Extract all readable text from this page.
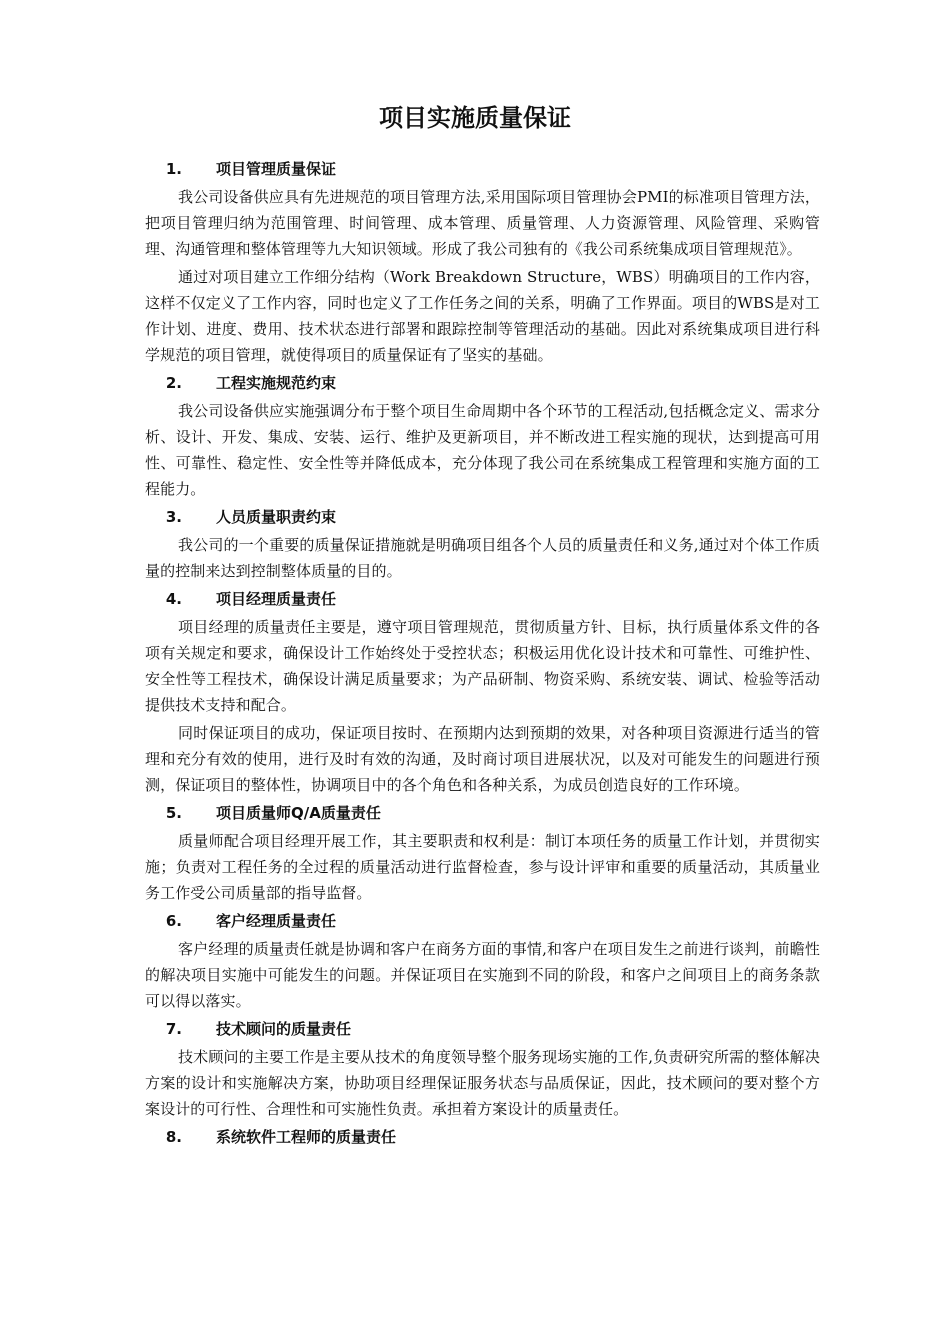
项目实施质量保证
1. 项目管理质量保证

我公司设备供应具有先进规范的项目管理方法,采用国际项目管理协会PMI的标准项目管理方法，把项目管理归纳为范围管理、时间管理、成本管理、质量管理、人力资源管理、风险管理、采购管理、沟通管理和整体管理等九大知识领域。形成了我公司独有的《我公司系统集成项目管理规范》。

通过对项目建立工作细分结构（Work Breakdown Structure，WBS）明确项目的工作内容，这样不仅定义了工作内容，同时也定义了工作任务之间的关系，明确了工作界面。项目的WBS是对工作计划、进度、费用、技术状态进行部署和跟踪控制等管理活动的基础。因此对系统集成项目进行科学规范的项目管理，就使得项目的质量保证有了坚实的基础。

2. 工程实施规范约束

我公司设备供应实施强调分布于整个项目生命周期中各个环节的工程活动,包括概念定义、需求分析、设计、开发、集成、安装、运行、维护及更新项目，并不断改进工程实施的现状，达到提高可用性、可靠性、稳定性、安全性等并降低成本，充分体现了我公司在系统集成工程管理和实施方面的工程能力。

3. 人员质量职责约束

我公司的一个重要的质量保证措施就是明确项目组各个人员的质量责任和义务,通过对个体工作质量的控制来达到控制整体质量的目的。

4. 项目经理质量责任

项目经理的质量责任主要是，遵守项目管理规范，贯彻质量方针、目标，执行质量体系文件的各项有关规定和要求，确保设计工作始终处于受控状态；积极运用优化设计技术和可靠性、可维护性、安全性等工程技术，确保设计满足质量要求；为产品研制、物资采购、系统安装、调试、检验等活动提供技术支持和配合。

同时保证项目的成功，保证项目按时、在预期内达到预期的效果，对各种项目资源进行适当的管理和充分有效的使用，进行及时有效的沟通，及时商讨项目进展状况，以及对可能发生的问题进行预测，保证项目的整体性，协调项目中的各个角色和各种关系，为成员创造良好的工作环境。

5. 项目质量师Q/A质量责任

质量师配合项目经理开展工作，其主要职责和权利是：制订本项任务的质量工作计划，并贯彻实施；负责对工程任务的全过程的质量活动进行监督检查，参与设计评审和重要的质量活动，其质量业务工作受公司质量部的指导监督。

6. 客户经理质量责任

客户经理的质量责任就是协调和客户在商务方面的事情,和客户在项目发生之前进行谈判，前瞻性的解决项目实施中可能发生的问题。并保证项目在实施到不同的阶段，和客户之间项目上的商务条款可以得以落实。

7. 技术顾问的质量责任

技术顾问的主要工作是主要从技术的角度领导整个服务现场实施的工作,负责研究所需的整体解决方案的设计和实施解决方案，协助项目经理保证服务状态与品质保证，因此，技术顾问的要对整个方案设计的可行性、合理性和可实施性负责。承担着方案设计的质量责任。

8. 系统软件工程师的质量责任
